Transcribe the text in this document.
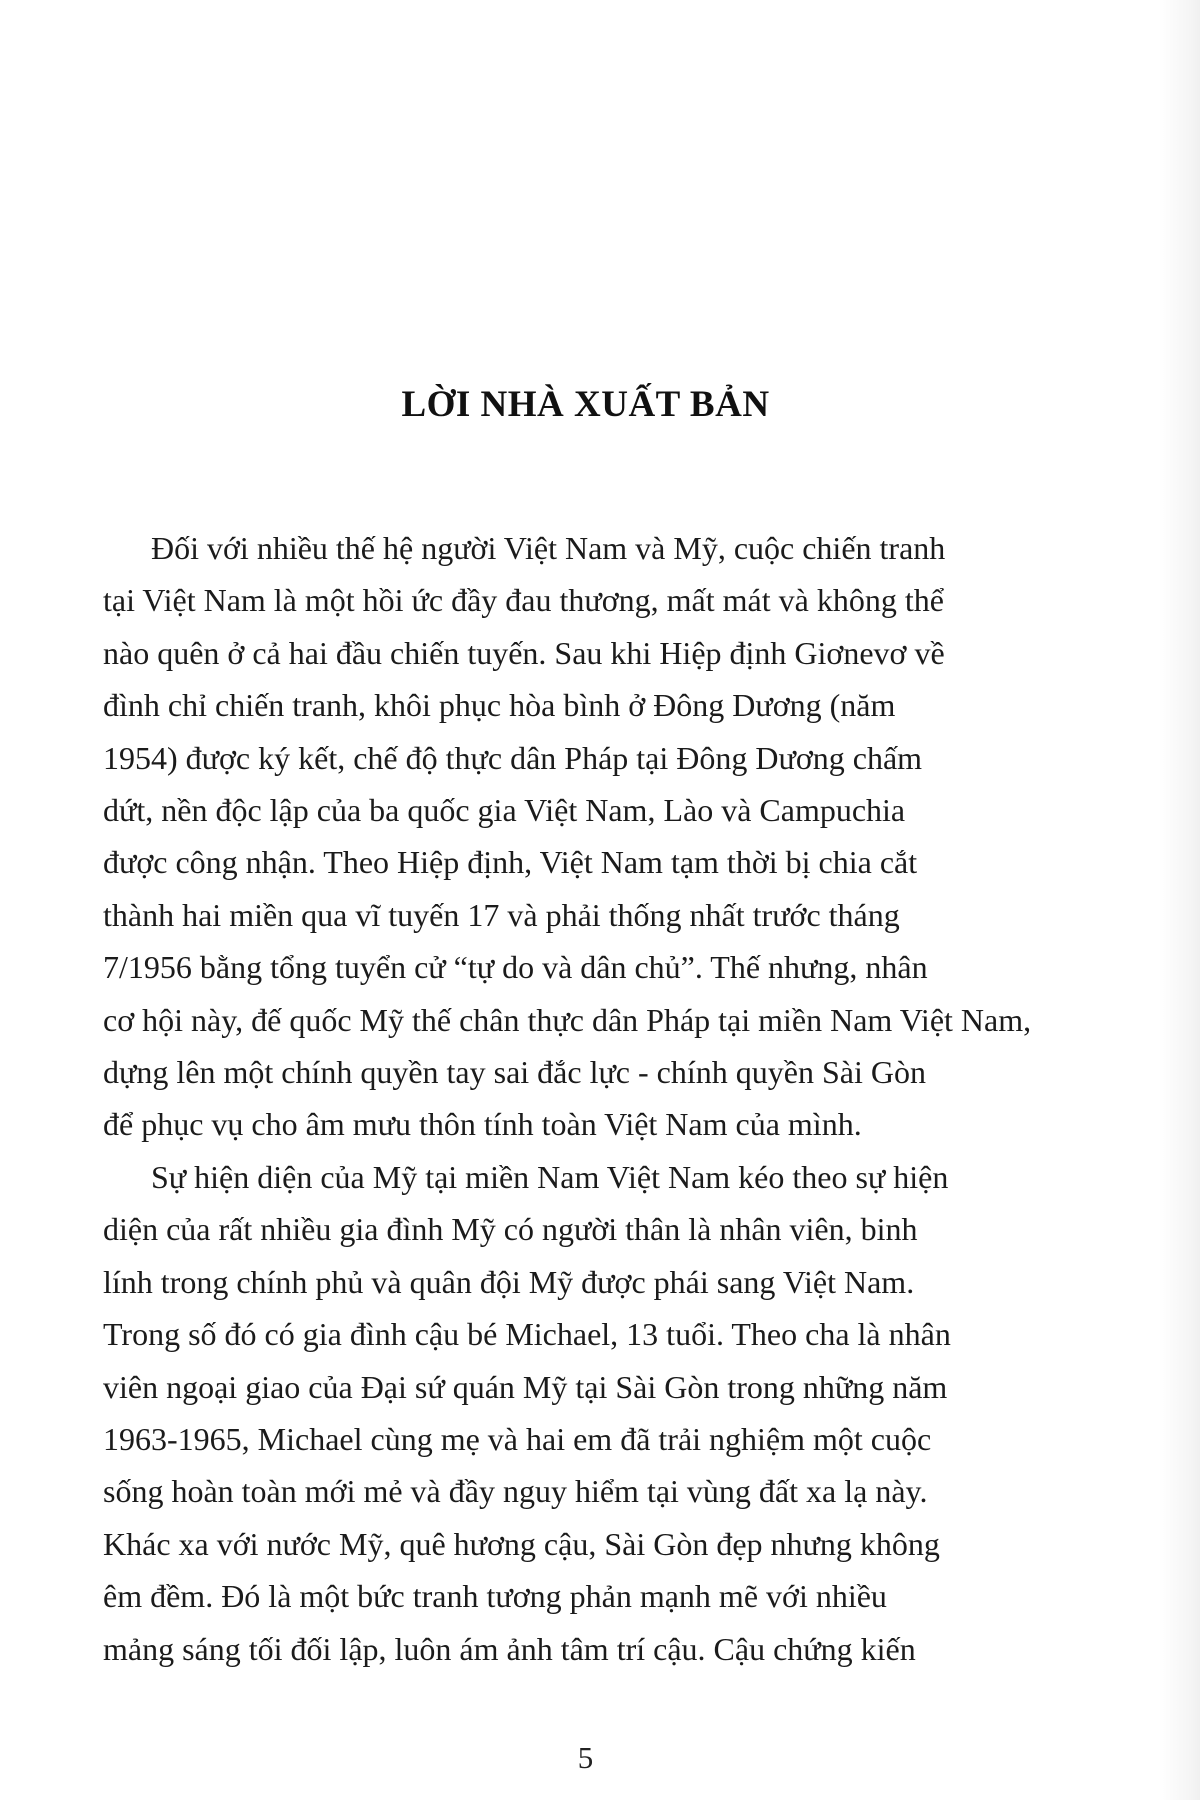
LỜI NHÀ XUẤT BẢN
Đối với nhiều thế hệ người Việt Nam và Mỹ, cuộc chiến tranh
tại Việt Nam là một hồi ức đầy đau thương, mất mát và không thể
nào quên ở cả hai đầu chiến tuyến. Sau khi Hiệp định Giơnevơ về
đình chỉ chiến tranh, khôi phục hòa bình ở Đông Dương (năm
1954) được ký kết, chế độ thực dân Pháp tại Đông Dương chấm
dứt, nền độc lập của ba quốc gia Việt Nam, Lào và Campuchia
được công nhận. Theo Hiệp định, Việt Nam tạm thời bị chia cắt
thành hai miền qua vĩ tuyến 17 và phải thống nhất trước tháng
7/1956 bằng tổng tuyển cử “tự do và dân chủ”. Thế nhưng, nhân
cơ hội này, đế quốc Mỹ thế chân thực dân Pháp tại miền Nam Việt Nam,
dựng lên một chính quyền tay sai đắc lực - chính quyền Sài Gòn
để phục vụ cho âm mưu thôn tính toàn Việt Nam của mình.
Sự hiện diện của Mỹ tại miền Nam Việt Nam kéo theo sự hiện
diện của rất nhiều gia đình Mỹ có người thân là nhân viên, binh
lính trong chính phủ và quân đội Mỹ được phái sang Việt Nam.
Trong số đó có gia đình cậu bé Michael, 13 tuổi. Theo cha là nhân
viên ngoại giao của Đại sứ quán Mỹ tại Sài Gòn trong những năm
1963-1965, Michael cùng mẹ và hai em đã trải nghiệm một cuộc
sống hoàn toàn mới mẻ và đầy nguy hiểm tại vùng đất xa lạ này.
Khác xa với nước Mỹ, quê hương cậu, Sài Gòn đẹp nhưng không
êm đềm. Đó là một bức tranh tương phản mạnh mẽ với nhiều
mảng sáng tối đối lập, luôn ám ảnh tâm trí cậu. Cậu chứng kiến
5
